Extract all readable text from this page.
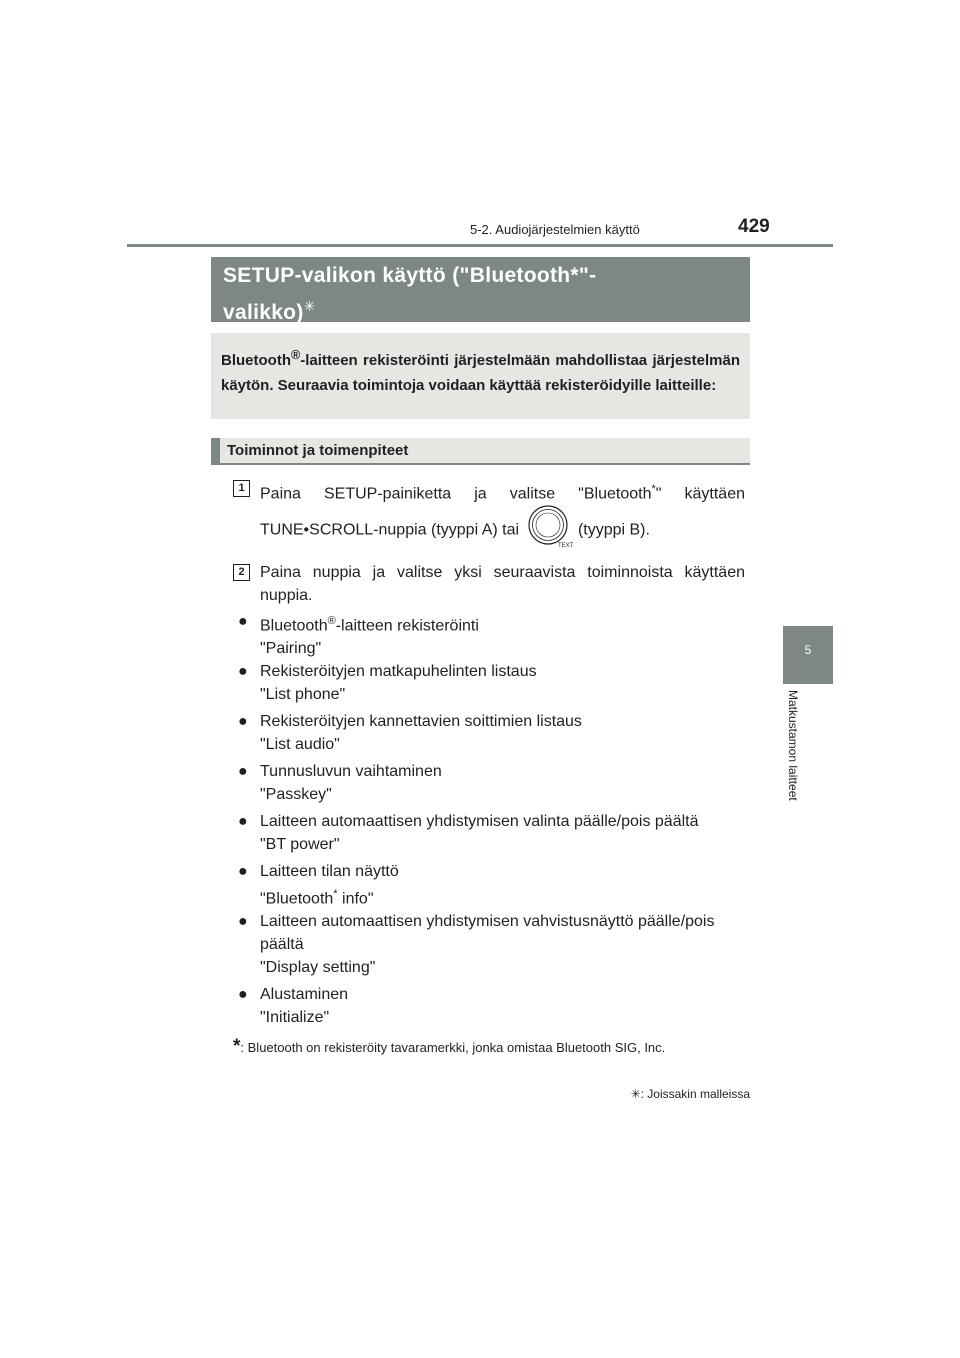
5-2. Audiojärjestelmien käyttö	429
5
Matkustamon laitteet
SETUP-valikon käyttö ("Bluetooth*"-
valikko)✳
Bluetooth®-laitteen rekisteröinti järjestelmään mahdollistaa järjestelmän käytön. Seuraavia toimintoja voidaan käyttää rekisteröidyille laitteille:
Toiminnot ja toimenpiteet
1 Paina SETUP-painiketta ja valitse "Bluetooth*" käyttäen TUNE•SCROLL-nuppia (tyyppi A) tai
TEXT
(tyyppi B).
2 Paina nuppia ja valitse yksi seuraavista toiminnoista käyttäen nuppia.
● Bluetooth®-laitteen rekisteröinti
"Pairing"
● Rekisteröityjen matkapuhelinten listaus
"List phone"
● Rekisteröityjen kannettavien soittimien listaus
"List audio"
● Tunnusluvun vaihtaminen
"Passkey"
● Laitteen automaattisen yhdistymisen valinta päälle/pois päältä
"BT power"
● Laitteen tilan näyttö
"Bluetooth* info"
● Laitteen automaattisen yhdistymisen vahvistusnäyttö päälle/pois päältä
"Display setting"
● Alustaminen
"Initialize"
*: Bluetooth on rekisteröity tavaramerkki, jonka omistaa Bluetooth SIG, Inc.
✳: Joissakin malleissa
